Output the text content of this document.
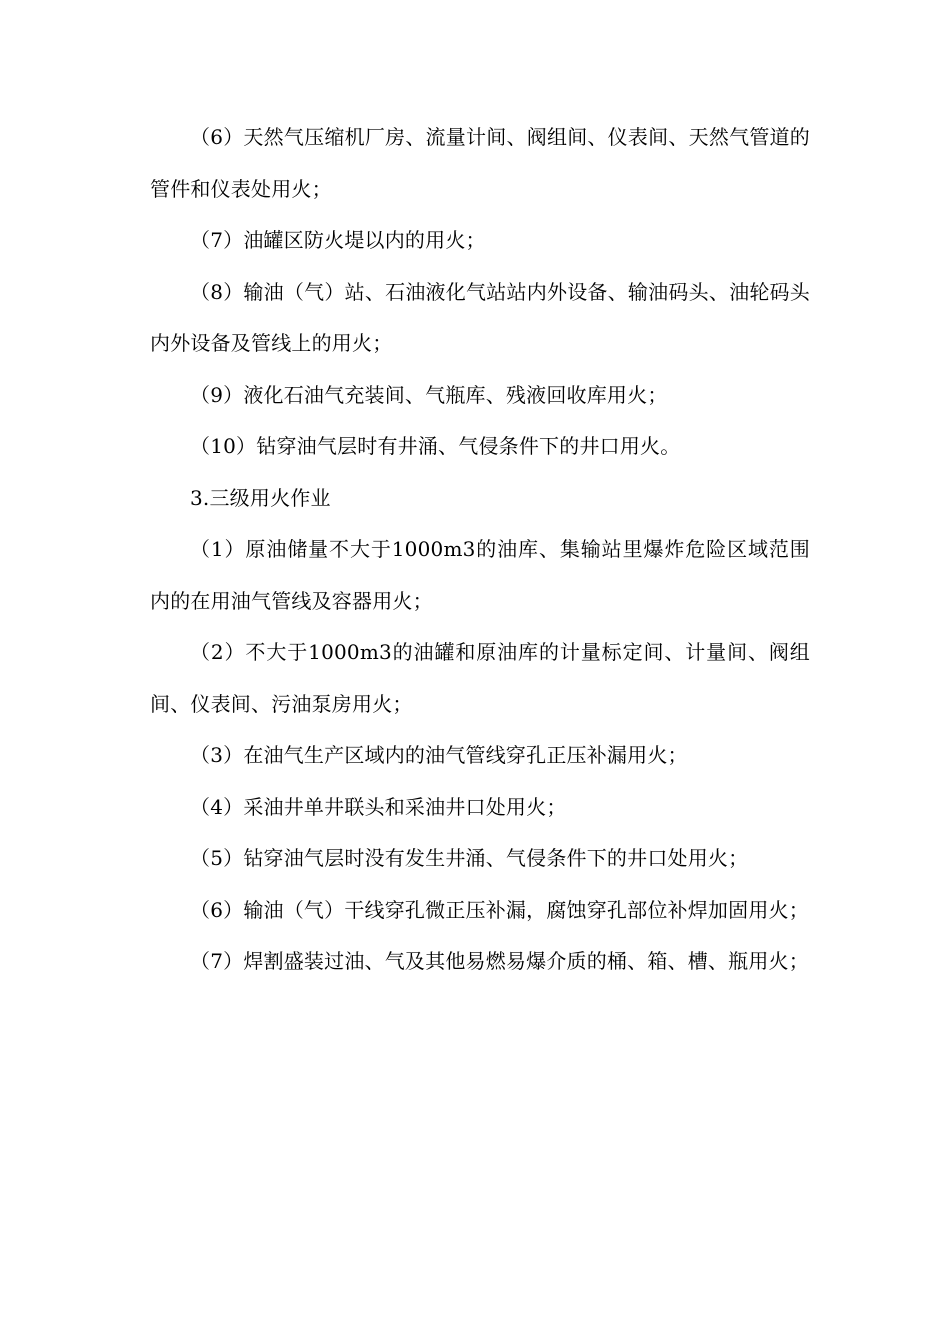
（6）天然气压缩机厂房、流量计间、阀组间、仪表间、天然气管道的管件和仪表处用火；

（7）油罐区防火堤以内的用火；

（8）输油（气）站、石油液化气站站内外设备、输油码头、油轮码头内外设备及管线上的用火；

（9）液化石油气充装间、气瓶库、残液回收库用火；

（10）钻穿油气层时有井涌、气侵条件下的井口用火。

3.三级用火作业

（1）原油储量不大于1000m3的油库、集输站里爆炸危险区域范围内的在用油气管线及容器用火；

（2）不大于1000m3的油罐和原油库的计量标定间、计量间、阀组间、仪表间、污油泵房用火；

（3）在油气生产区域内的油气管线穿孔正压补漏用火；

（4）采油井单井联头和采油井口处用火；

（5）钻穿油气层时没有发生井涌、气侵条件下的井口处用火；

（6）输油（气）干线穿孔微正压补漏，腐蚀穿孔部位补焊加固用火；

（7）焊割盛装过油、气及其他易燃易爆介质的桶、箱、槽、瓶用火；
